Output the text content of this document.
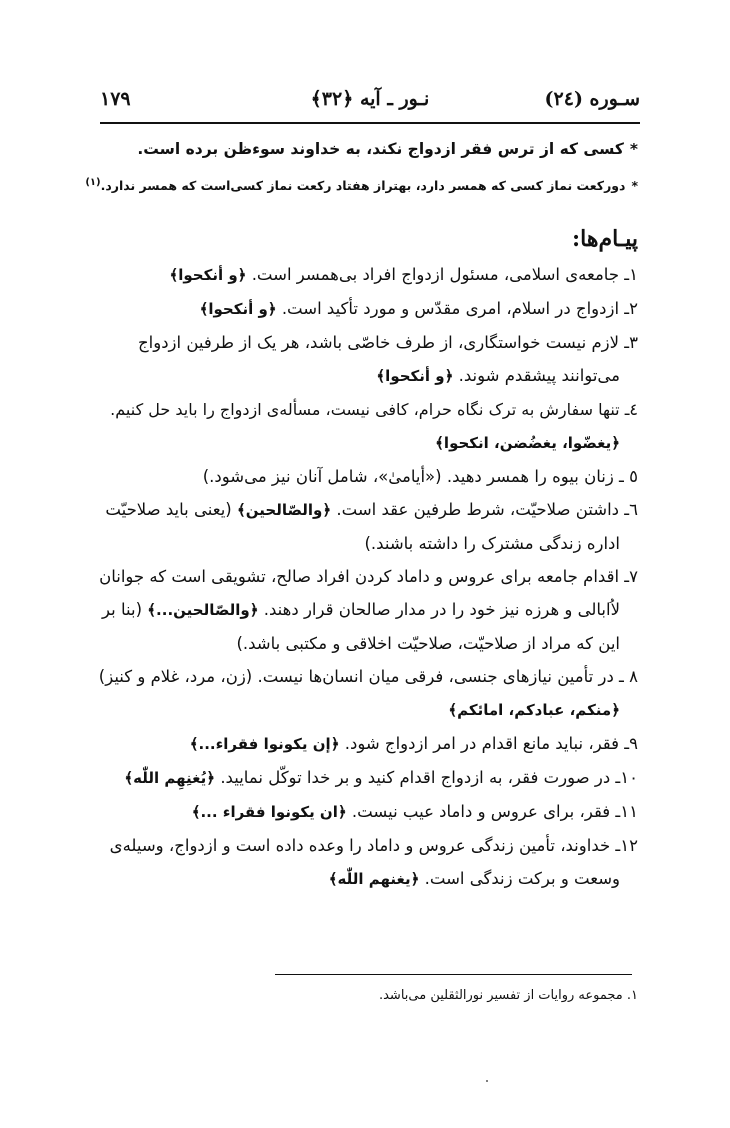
سـوره (٢٤)
نـور ـ آیه ﴿٣٢﴾
١٧٩
*کسی که از ترس فقر ازدواج نکند، به خداوند سوءظن برده است.
*دورکعت نماز کسی که همسر دارد، بهتراز هفتاد رکعت نماز کسی‌است که همسر ندارد.$^{(١)}$
پیـام‌ها:
١ـ جامعه‌ی اسلامی، مسئول ازدواج افراد بی‌همسر است. ﴿و أنكحوا﴾
٢ـ ازدواج در اسلام، امری مقدّس و مورد تأکید است. ﴿و أنكحوا﴾
٣ـ لازم نیست خواستگاری، از طرف خاصّی باشد، هر یک از طرفین ازدواج
می‌توانند پیشقدم شوند. ﴿و أنكحوا﴾
٤ـ تنها سفارش به ترک نگاه حرام، کافی نیست، مسأله‌ی ازدواج را باید حل کنیم.
﴿يغضّوا، يغضُضن، انكحوا﴾
٥ ـ زنان بیوه را همسر دهید. («أيامىٰ»، شامل آنان نیز می‌شود.)
٦ـ داشتن صلاحیّت، شرط طرفین عقد است. ﴿والصّالحين﴾ (یعنی باید صلاحیّت
اداره زندگی مشترک را داشته باشند.)
٧ـ اقدام جامعه برای عروس و داماد کردن افراد صالح، تشویقی است که جوانان
لاُابالی و هرزه نیز خود را در مدار صالحان قرار دهند. ﴿والصّالحين...﴾ (بنا بر
این که مراد از صلاحیّت، صلاحیّت اخلاقی و مکتبی باشد.)
٨ ـ در تأمین نیازهای جنسی، فرقی میان انسان‌ها نیست. (زن، مرد، غلام و کنیز)
﴿منكم، عبادكم، امائكم﴾
٩ـ فقر، نباید مانع اقدام در امر ازدواج شود. ﴿إن يكونوا فقراء...﴾
١٠ـ در صورت فقر، به ازدواج اقدام کنید و بر خدا توکّل نمایید. ﴿يُغنِهِم اللّٰه﴾
١١ـ فقر، برای عروس و داماد عیب نیست. ﴿ان يكونوا فقراء ...﴾
١٢ـ خداوند، تأمین زندگی عروس و داماد را وعده داده است و ازدواج، وسیله‌ی
وسعت و برکت زندگی است. ﴿يغنهم اللّٰه﴾
١. مجموعه روایات از تفسیر نورالثقلین می‌باشد.
